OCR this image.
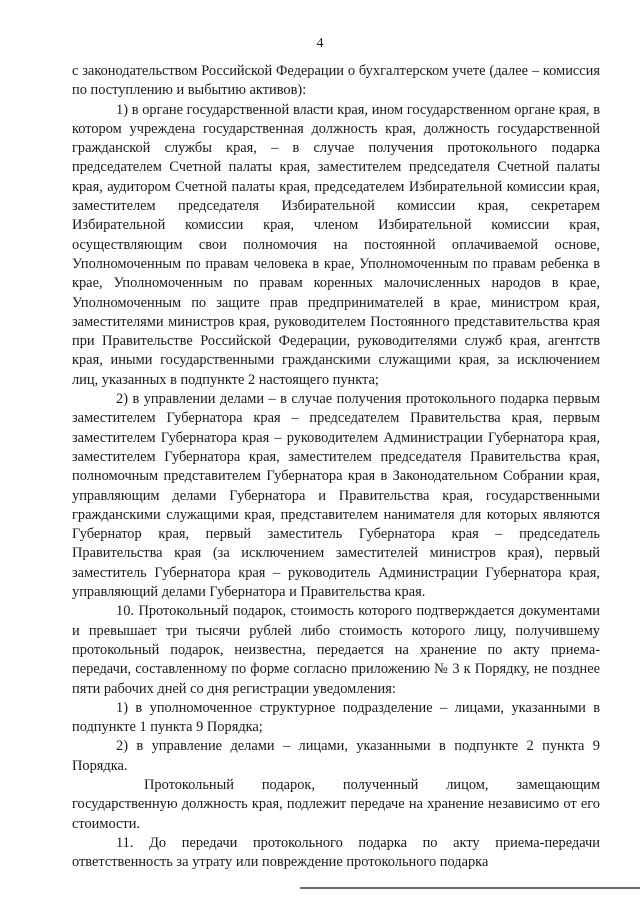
4

с законодательством Российской Федерации о бухгалтерском учете (далее – комиссия по поступлению и выбытию активов):

1) в органе государственной власти края, ином государственном органе края, в котором учреждена государственная должность края, должность государственной гражданской службы края, – в случае получения протокольного подарка председателем Счетной палаты края, заместителем председателя Счетной палаты края, аудитором Счетной палаты края, председателем Избирательной комиссии края, заместителем председателя Избирательной комиссии края, секретарем Избирательной комиссии края, членом Избирательной комиссии края, осуществляющим свои полномочия на постоянной оплачиваемой основе, Уполномоченным по правам человека в крае, Уполномоченным по правам ребенка в крае, Уполномоченным по правам коренных малочисленных народов в крае, Уполномоченным по защите прав предпринимателей в крае, министром края, заместителями министров края, руководителем Постоянного представительства края при Правительстве Российской Федерации, руководителями служб края, агентств края, иными государственными гражданскими служащими края, за исключением лиц, указанных в подпункте 2 настоящего пункта;

2) в управлении делами – в случае получения протокольного подарка первым заместителем Губернатора края – председателем Правительства края, первым заместителем Губернатора края – руководителем Администрации Губернатора края, заместителем Губернатора края, заместителем председателя Правительства края, полномочным представителем Губернатора края в Законодательном Собрании края, управляющим делами Губернатора и Правительства края, государственными гражданскими служащими края, представителем нанимателя для которых являются Губернатор края, первый заместитель Губернатора края – председатель Правительства края (за исключением заместителей министров края), первый заместитель Губернатора края – руководитель Администрации Губернатора края, управляющий делами Губернатора и Правительства края.

10. Протокольный подарок, стоимость которого подтверждается документами и превышает три тысячи рублей либо стоимость которого лицу, получившему протокольный подарок, неизвестна, передается на хранение по акту приема-передачи, составленному по форме согласно приложению № 3 к Порядку, не позднее пяти рабочих дней со дня регистрации уведомления:

1) в уполномоченное структурное подразделение – лицами, указанными в подпункте 1 пункта 9 Порядка;

2) в управление делами – лицами, указанными в подпункте 2 пункта 9 Порядка.

Протокольный подарок, полученный лицом, замещающим государственную должность края, подлежит передаче на хранение независимо от его стоимости.

11. До передачи протокольного подарка по акту приема-передачи ответственность за утрату или повреждение протокольного подарка
